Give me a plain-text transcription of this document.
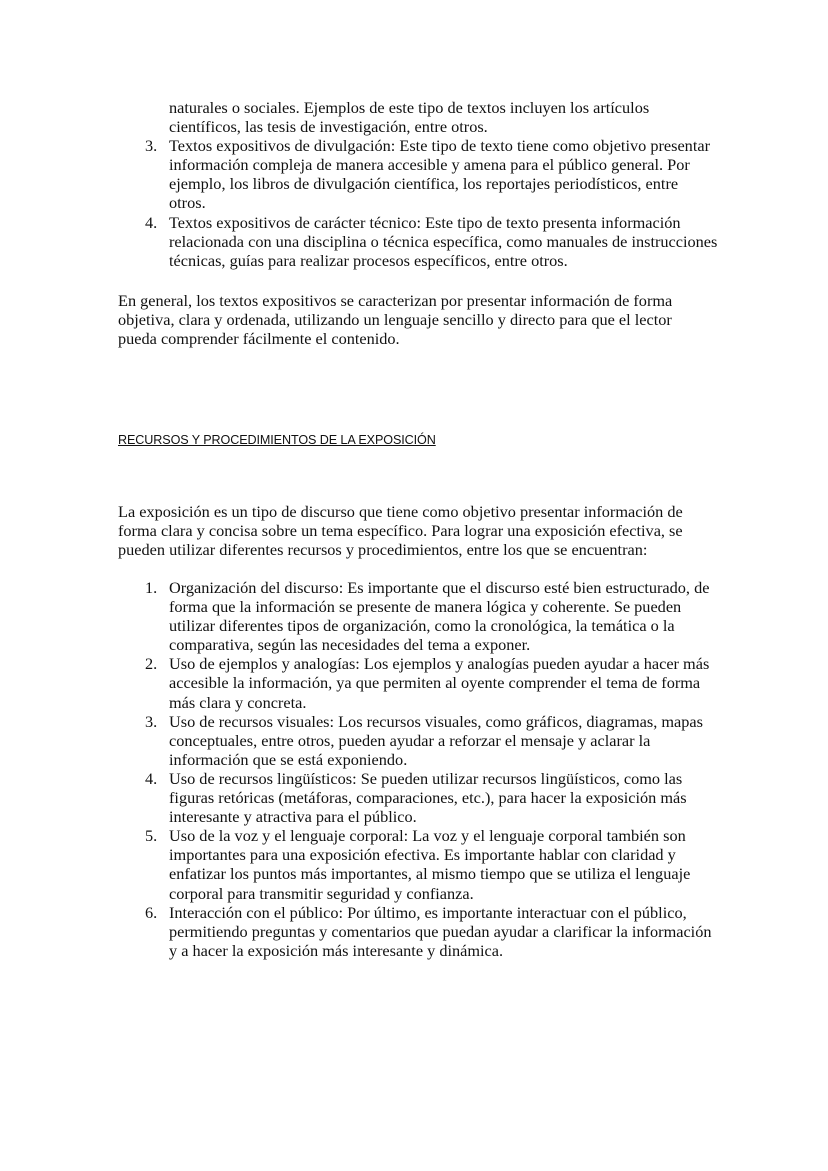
naturales o sociales. Ejemplos de este tipo de textos incluyen los artículos científicos, las tesis de investigación, entre otros.
3. Textos expositivos de divulgación: Este tipo de texto tiene como objetivo presentar información compleja de manera accesible y amena para el público general. Por ejemplo, los libros de divulgación científica, los reportajes periodísticos, entre otros.
4. Textos expositivos de carácter técnico: Este tipo de texto presenta información relacionada con una disciplina o técnica específica, como manuales de instrucciones técnicas, guías para realizar procesos específicos, entre otros.

En general, los textos expositivos se caracterizan por presentar información de forma objetiva, clara y ordenada, utilizando un lenguaje sencillo y directo para que el lector pueda comprender fácilmente el contenido.

RECURSOS Y PROCEDIMIENTOS DE LA EXPOSICIÓN

La exposición es un tipo de discurso que tiene como objetivo presentar información de forma clara y concisa sobre un tema específico. Para lograr una exposición efectiva, se pueden utilizar diferentes recursos y procedimientos, entre los que se encuentran:

1. Organización del discurso: Es importante que el discurso esté bien estructurado, de forma que la información se presente de manera lógica y coherente. Se pueden utilizar diferentes tipos de organización, como la cronológica, la temática o la comparativa, según las necesidades del tema a exponer.
2. Uso de ejemplos y analogías: Los ejemplos y analogías pueden ayudar a hacer más accesible la información, ya que permiten al oyente comprender el tema de forma más clara y concreta.
3. Uso de recursos visuales: Los recursos visuales, como gráficos, diagramas, mapas conceptuales, entre otros, pueden ayudar a reforzar el mensaje y aclarar la información que se está exponiendo.
4. Uso de recursos lingüísticos: Se pueden utilizar recursos lingüísticos, como las figuras retóricas (metáforas, comparaciones, etc.), para hacer la exposición más interesante y atractiva para el público.
5. Uso de la voz y el lenguaje corporal: La voz y el lenguaje corporal también son importantes para una exposición efectiva. Es importante hablar con claridad y enfatizar los puntos más importantes, al mismo tiempo que se utiliza el lenguaje corporal para transmitir seguridad y confianza.
6. Interacción con el público: Por último, es importante interactuar con el público, permitiendo preguntas y comentarios que puedan ayudar a clarificar la información y a hacer la exposición más interesante y dinámica.
